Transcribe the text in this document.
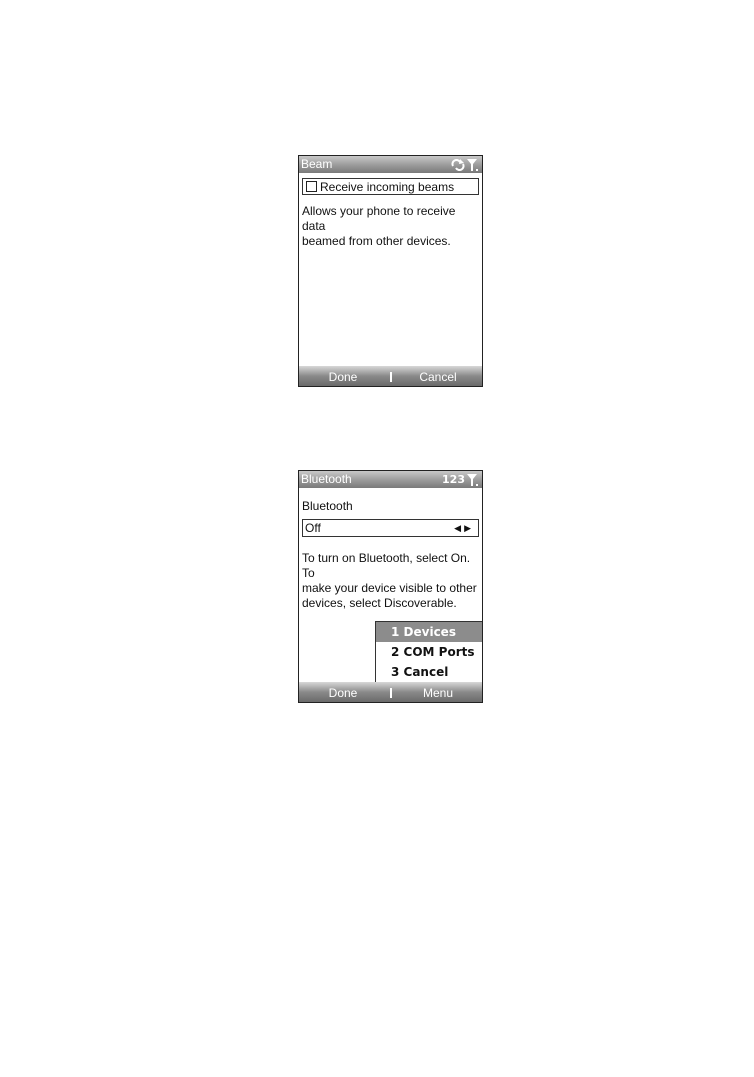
Beam
Receive incoming beams
Allows your phone to receive data
beamed from other devices.
Done	Cancel
Bluetooth	123
Bluetooth
Off	◀▶
To turn on Bluetooth, select On. To
make your device visible to other
devices, select Discoverable.
1 Devices
2 COM Ports
3 Cancel
Done	Menu
